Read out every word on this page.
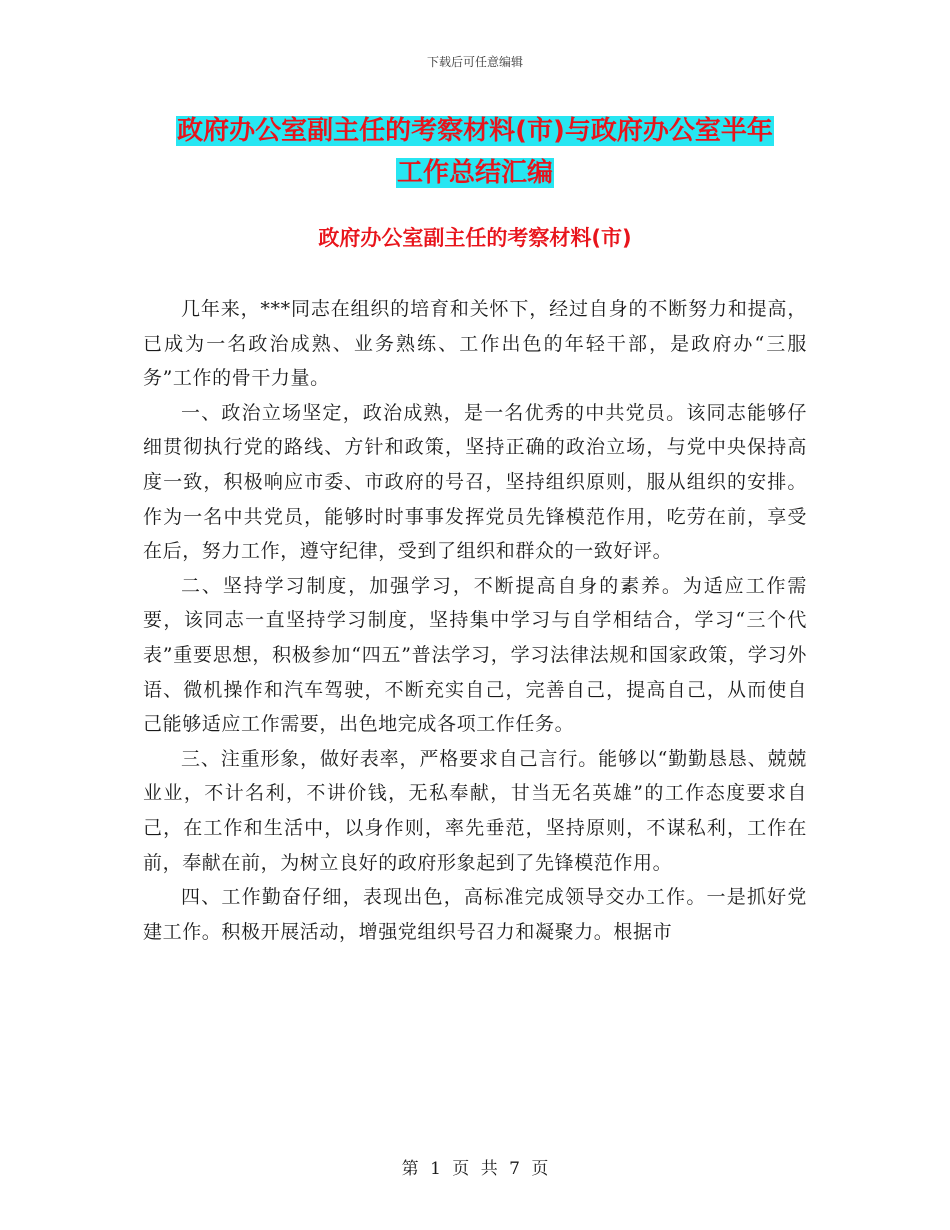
下载后可任意编辑
政府办公室副主任的考察材料(市)与政府办公室半年
工作总结汇编
政府办公室副主任的考察材料(市)

几年来，***同志在组织的培育和关怀下，经过自身的不断努力和提高，已成为一名政治成熟、业务熟练、工作出色的年轻干部，是政府办“三服务”工作的骨干力量。

一、政治立场坚定，政治成熟，是一名优秀的中共党员。该同志能够仔细贯彻执行党的路线、方针和政策，坚持正确的政治立场，与党中央保持高度一致，积极响应市委、市政府的号召，坚持组织原则，服从组织的安排。作为一名中共党员，能够时时事事发挥党员先锋模范作用，吃劳在前，享受在后，努力工作，遵守纪律，受到了组织和群众的一致好评。

二、坚持学习制度，加强学习，不断提高自身的素养。为适应工作需要，该同志一直坚持学习制度，坚持集中学习与自学相结合，学习“三个代表”重要思想，积极参加“四五”普法学习，学习法律法规和国家政策，学习外语、微机操作和汽车驾驶，不断充实自己，完善自己，提高自己，从而使自己能够适应工作需要，出色地完成各项工作任务。

三、注重形象，做好表率，严格要求自己言行。能够以“勤勤恳恳、兢兢业业，不计名利，不讲价钱，无私奉献，甘当无名英雄”的工作态度要求自己，在工作和生活中，以身作则，率先垂范，坚持原则，不谋私利，工作在前，奉献在前，为树立良好的政府形象起到了先锋模范作用。

四、工作勤奋仔细，表现出色，高标准完成领导交办工作。一是抓好党建工作。积极开展活动，增强党组织号召力和凝聚力。根据市

第 1 页 共 7 页
